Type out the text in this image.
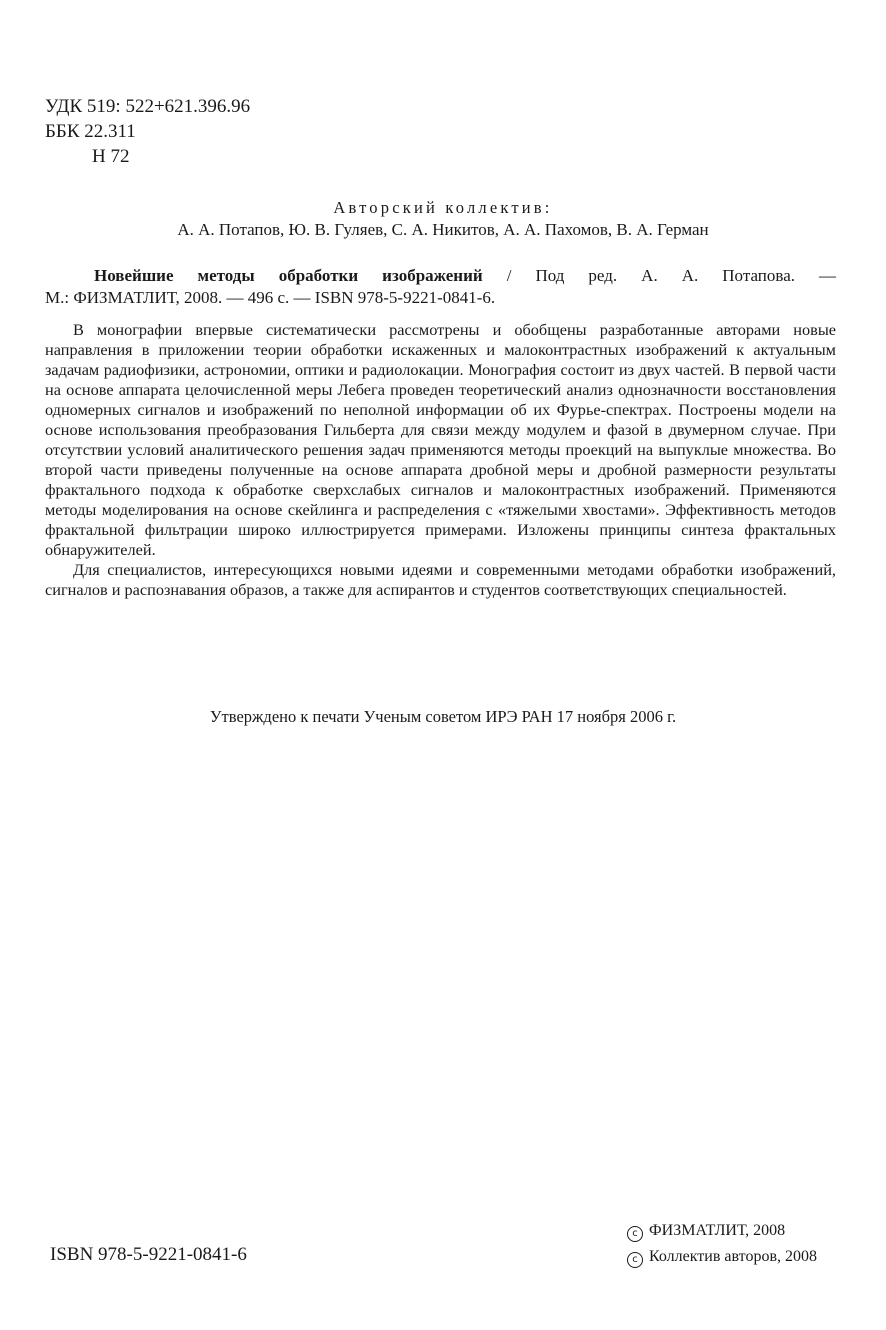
УДК 519: 522+621.396.96
ББК 22.311
Н 72
Авторский коллектив:
А. А. Потапов, Ю. В. Гуляев, С. А. Никитов, А. А. Пахомов, В. А. Герман
Новейшие методы обработки изображений / Под ред. А. А. Потапова. —
М.: ФИЗМАТЛИТ, 2008. — 496 с. — ISBN 978-5-9221-0841-6.

В монографии впервые систематически рассмотрены и обобщены разработанные авторами новые направления в приложении теории обработки искаженных и малоконтрастных изображений к актуальным задачам радиофизики, астрономии, оптики и радиолокации. Монография состоит из двух частей. В первой части на основе аппарата целочисленной меры Лебега проведен теоретический анализ однозначности восстановления одномерных сигналов и изображений по неполной информации об их Фурье-спектрах. Построены модели на основе использования преобразования Гильберта для связи между модулем и фазой в двумерном случае. При отсутствии условий аналитического решения задач применяются методы проекций на выпуклые множества. Во второй части приведены полученные на основе аппарата дробной меры и дробной размерности результаты фрактального подхода к обработке сверхслабых сигналов и малоконтрастных изображений. Применяются методы моделирования на основе скейлинга и распределения с «тяжелыми хвостами». Эффективность методов фрактальной фильтрации широко иллюстрируется примерами. Изложены принципы синтеза фрактальных обнаружителей.

Для специалистов, интересующихся новыми идеями и современными методами обработки изображений, сигналов и распознавания образов, а также для аспирантов и студентов соответствующих специальностей.

Утверждено к печати Ученым советом ИРЭ РАН 17 ноября 2006 г.
ISBN 978-5-9221-0841-6
c ФИЗМАТЛИТ, 2008
c Коллектив авторов, 2008
